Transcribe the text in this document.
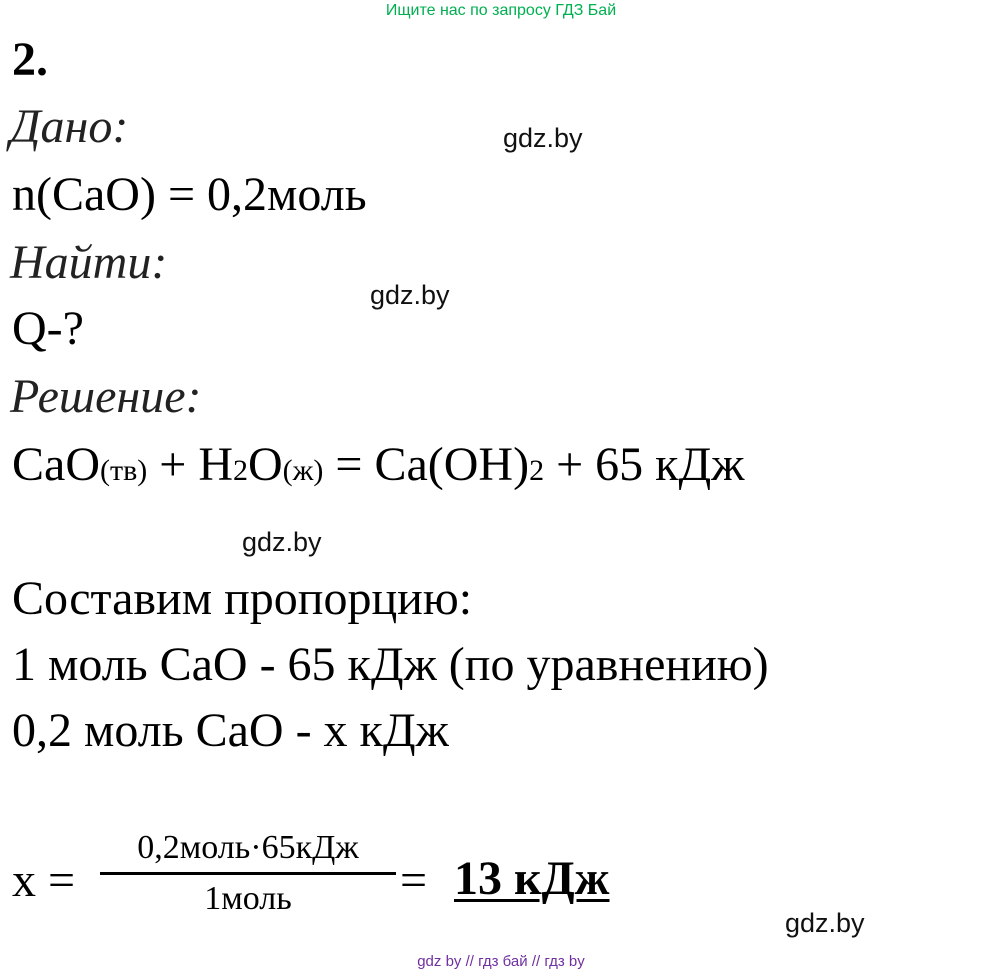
Ищите нас по запросу ГДЗ Бай
2.
Дано:	gdz.by
n(CaO) = 0,2моль
Найти:
gdz.by
Q-?
Решение:
CaO(тв) + H2O(ж) = Ca(OH)2 + 65 кДж
gdz.by
Составим пропорцию:
1 моль CaO - 65 кДж (по уравнению)
0,2 моль CaO - x кДж
x =
0,2моль·65кДж
1моль	= 13 кДж
gdz.by
gdz by // гдз бай // гдз by
